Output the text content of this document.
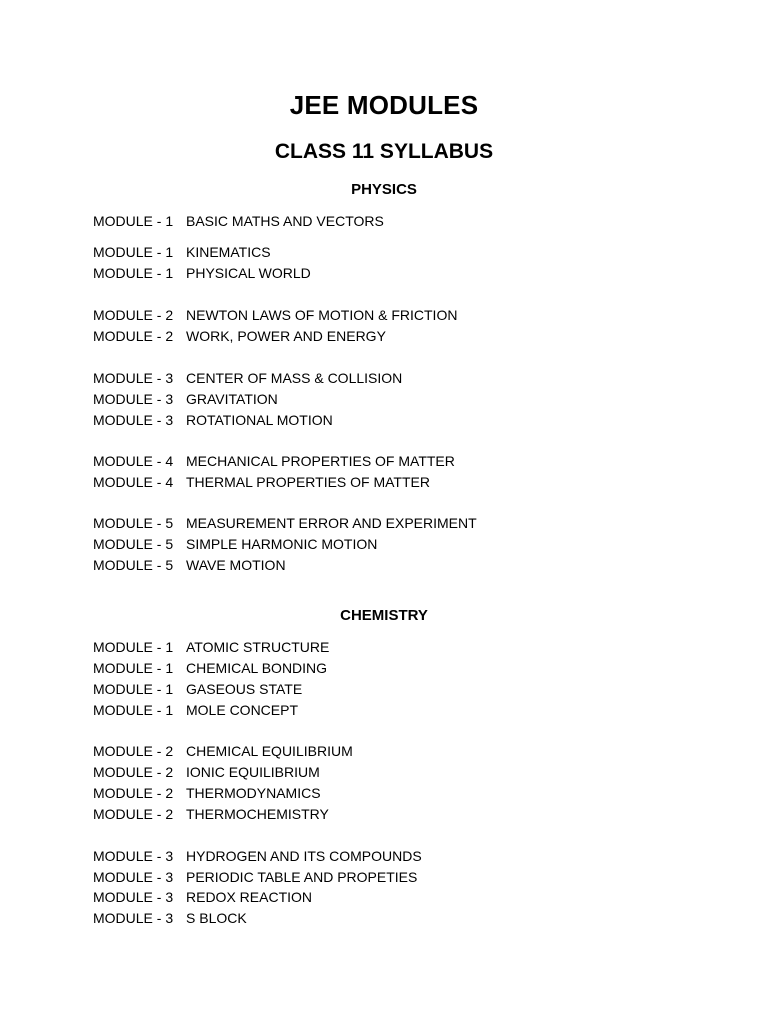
JEE MODULES
CLASS 11 SYLLABUS
PHYSICS
MODULE - 1 BASIC MATHS AND VECTORS
MODULE - 1 KINEMATICS
MODULE - 1 PHYSICAL WORLD
MODULE - 2 NEWTON LAWS OF MOTION & FRICTION
MODULE - 2 WORK, POWER AND ENERGY
MODULE - 3 CENTER OF MASS & COLLISION
MODULE - 3 GRAVITATION
MODULE - 3 ROTATIONAL MOTION
MODULE - 4 MECHANICAL PROPERTIES OF MATTER
MODULE - 4 THERMAL PROPERTIES OF MATTER
MODULE - 5 MEASUREMENT ERROR AND EXPERIMENT
MODULE - 5 SIMPLE HARMONIC MOTION
MODULE - 5 WAVE MOTION
CHEMISTRY
MODULE - 1 ATOMIC STRUCTURE
MODULE - 1 CHEMICAL BONDING
MODULE - 1 GASEOUS STATE
MODULE - 1 MOLE CONCEPT
MODULE - 2 CHEMICAL EQUILIBRIUM
MODULE - 2 IONIC EQUILIBRIUM
MODULE - 2 THERMODYNAMICS
MODULE - 2 THERMOCHEMISTRY
MODULE - 3 HYDROGEN AND ITS COMPOUNDS
MODULE - 3 PERIODIC TABLE AND PROPETIES
MODULE - 3 REDOX REACTION
MODULE - 3 S BLOCK
